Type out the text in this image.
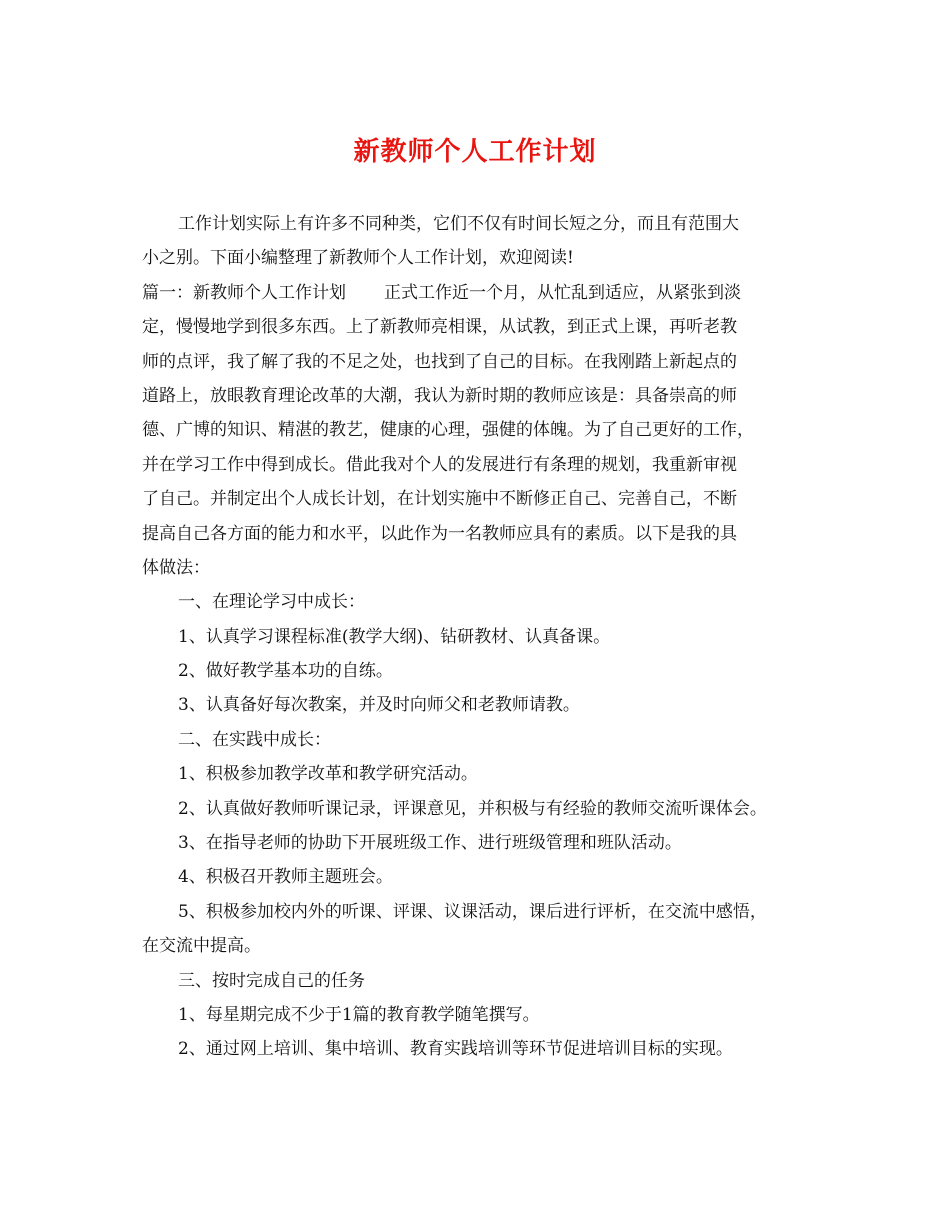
新教师个人工作计划
工作计划实际上有许多不同种类，它们不仅有时间长短之分，而且有范围大
小之别。下面小编整理了新教师个人工作计划，欢迎阅读!
篇一：新教师个人工作计划 正式工作近一个月，从忙乱到适应，从紧张到淡
定，慢慢地学到很多东西。上了新教师亮相课，从试教，到正式上课，再听老教
师的点评，我了解了我的不足之处，也找到了自己的目标。在我刚踏上新起点的
道路上，放眼教育理论改革的大潮，我认为新时期的教师应该是：具备崇高的师
德、广博的知识、精湛的教艺，健康的心理，强健的体魄。为了自己更好的工作，
并在学习工作中得到成长。借此我对个人的发展进行有条理的规划，我重新审视
了自己。并制定出个人成长计划，在计划实施中不断修正自己、完善自己，不断
提高自己各方面的能力和水平，以此作为一名教师应具有的素质。以下是我的具
体做法：
一、在理论学习中成长：
1、认真学习课程标准(教学大纲)、钻研教材、认真备课。
2、做好教学基本功的自练。
3、认真备好每次教案，并及时向师父和老教师请教。
二、在实践中成长：
1、积极参加教学改革和教学研究活动。
2、认真做好教师听课记录，评课意见，并积极与有经验的教师交流听课体会。
3、在指导老师的协助下开展班级工作、进行班级管理和班队活动。
4、积极召开教师主题班会。
5、积极参加校内外的听课、评课、议课活动，课后进行评析，在交流中感悟，
在交流中提高。
三、按时完成自己的任务
1、每星期完成不少于1篇的教育教学随笔撰写。
2、通过网上培训、集中培训、教育实践培训等环节促进培训目标的实现。
